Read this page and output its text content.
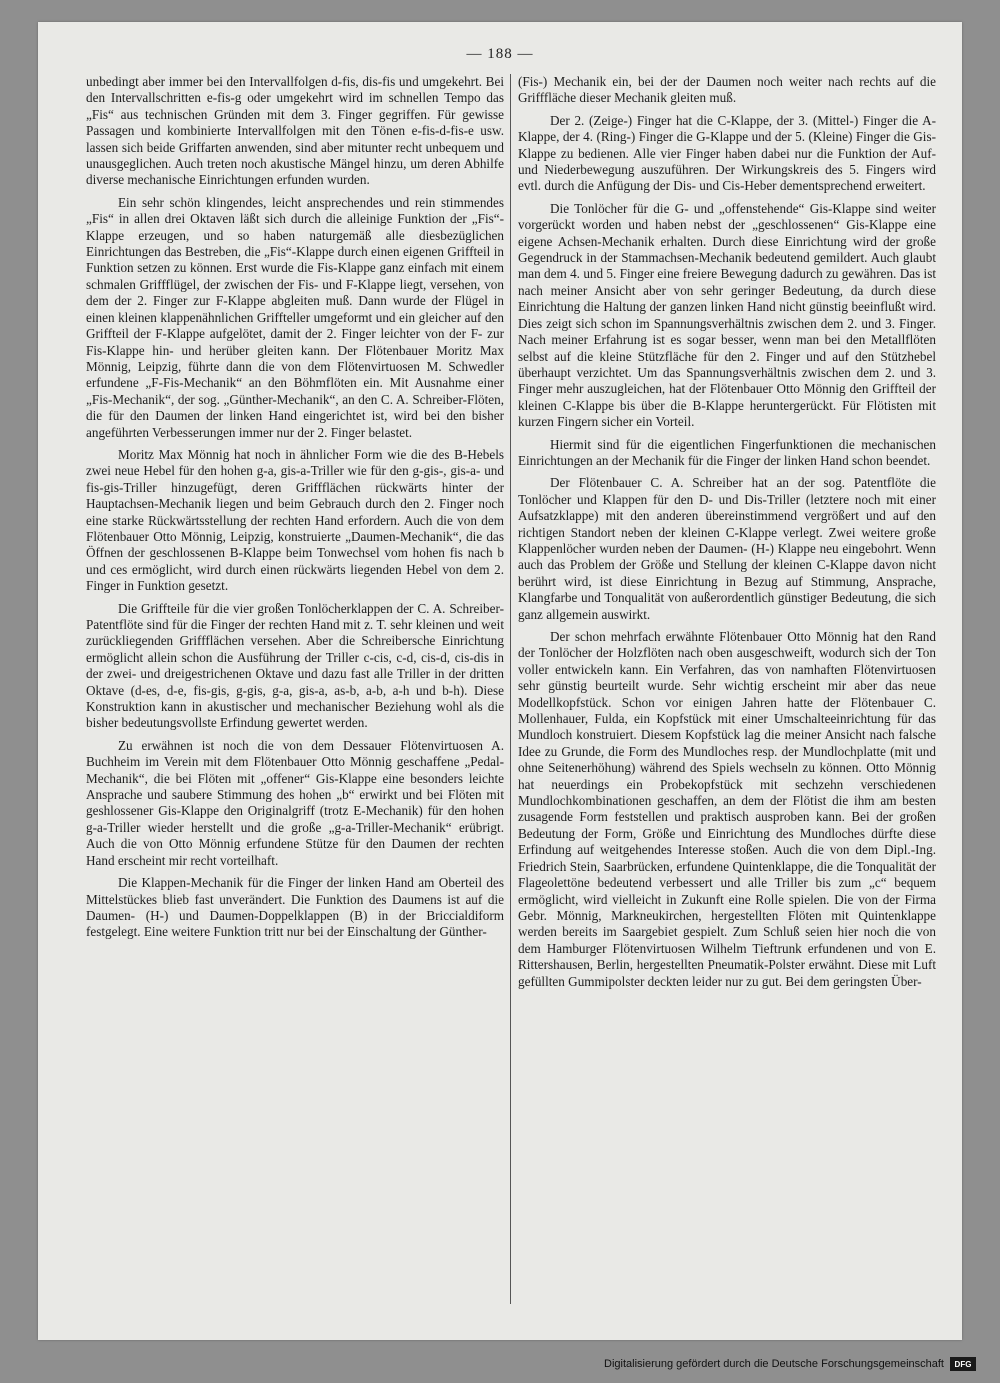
— 188 —

unbedingt aber immer bei den Intervallfolgen d-fis, dis-fis und umgekehrt. Bei den Intervallschritten e-fis-g oder umgekehrt wird im schnellen Tempo das „Fis“ aus technischen Gründen mit dem 3. Finger gegriffen. Für gewisse Passagen und kombinierte Intervallfolgen mit den Tönen e-fis-d-fis-e usw. lassen sich beide Griffarten anwenden, sind aber mitunter recht unbequem und unausgeglichen. Auch treten noch akustische Mängel hinzu, um deren Abhilfe diverse mechanische Einrichtungen erfunden wurden.

Ein sehr schön klingendes, leicht ansprechendes und rein stimmendes „Fis“ in allen drei Oktaven läßt sich durch die alleinige Funktion der „Fis“-Klappe erzeugen, und so haben naturgemäß alle diesbezüglichen Einrichtungen das Bestreben, die „Fis“-Klappe durch einen eigenen Griffteil in Funktion setzen zu können. Erst wurde die Fis-Klappe ganz einfach mit einem schmalen Griffflügel, der zwischen der Fis- und F-Klappe liegt, versehen, von dem der 2. Finger zur F-Klappe abgleiten muß. Dann wurde der Flügel in einen kleinen klappenähnlichen Griffteller umgeformt und ein gleicher auf den Griffteil der F-Klappe aufgelötet, damit der 2. Finger leichter von der F- zur Fis-Klappe hin- und herüber gleiten kann. Der Flötenbauer Moritz Max Mönnig, Leipzig, führte dann die von dem Flötenvirtuosen M. Schwedler erfundene „F-Fis-Mechanik“ an den Böhmflöten ein. Mit Ausnahme einer „Fis-Mechanik“, der sog. „Günther-Mechanik“, an den C. A. Schreiber-Flöten, die für den Daumen der linken Hand eingerichtet ist, wird bei den bisher angeführten Verbesserungen immer nur der 2. Finger belastet.

Moritz Max Mönnig hat noch in ähnlicher Form wie die des B-Hebels zwei neue Hebel für den hohen g-a, gis-a-Triller wie für den g-gis-, gis-a- und fis-gis-Triller hinzugefügt, deren Griffflächen rückwärts hinter der Hauptachsen-Mechanik liegen und beim Gebrauch durch den 2. Finger noch eine starke Rückwärtsstellung der rechten Hand erfordern. Auch die von dem Flötenbauer Otto Mönnig, Leipzig, konstruierte „Daumen-Mechanik“, die das Öffnen der geschlossenen B-Klappe beim Tonwechsel vom hohen fis nach b und ces ermöglicht, wird durch einen rückwärts liegenden Hebel von dem 2. Finger in Funktion gesetzt.

Die Griffteile für die vier großen Tonlöcherklappen der C. A. Schreiber-Patentflöte sind für die Finger der rechten Hand mit z. T. sehr kleinen und weit zurückliegenden Griffflächen versehen. Aber die Schreibersche Einrichtung ermöglicht allein schon die Ausführung der Triller c-cis, c-d, cis-d, cis-dis in der zwei- und dreigestrichenen Oktave und dazu fast alle Triller in der dritten Oktave (d-es, d-e, fis-gis, g-gis, g-a, gis-a, as-b, a-b, a-h und b-h). Diese Konstruktion kann in akustischer und mechanischer Beziehung wohl als die bisher bedeutungsvollste Erfindung gewertet werden.

Zu erwähnen ist noch die von dem Dessauer Flötenvirtuosen A. Buchheim im Verein mit dem Flötenbauer Otto Mönnig geschaffene „Pedal-Mechanik“, die bei Flöten mit „offener“ Gis-Klappe eine besonders leichte Ansprache und saubere Stimmung des hohen „b“ erwirkt und bei Flöten mit geshlossener Gis-Klappe den Originalgriff (trotz E-Mechanik) für den hohen g-a-Triller wieder herstellt und die große „g-a-Triller-Mechanik“ erübrigt. Auch die von Otto Mönnig erfundene Stütze für den Daumen der rechten Hand erscheint mir recht vorteilhaft.

Die Klappen-Mechanik für die Finger der linken Hand am Oberteil des Mittelstückes blieb fast unverändert. Die Funktion des Daumens ist auf die Daumen- (H-) und Daumen-Doppelklappen (B) in der Briccialdiform festgelegt. Eine weitere Funktion tritt nur bei der Einschaltung der Günther-

(Fis-) Mechanik ein, bei der der Daumen noch weiter nach rechts auf die Grifffläche dieser Mechanik gleiten muß.

Der 2. (Zeige-) Finger hat die C-Klappe, der 3. (Mittel-) Finger die A-Klappe, der 4. (Ring-) Finger die G-Klappe und der 5. (Kleine) Finger die Gis-Klappe zu bedienen. Alle vier Finger haben dabei nur die Funktion der Auf- und Niederbewegung auszuführen. Der Wirkungskreis des 5. Fingers wird evtl. durch die Anfügung der Dis- und Cis-Heber dementsprechend erweitert.

Die Tonlöcher für die G- und „offenstehende“ Gis-Klappe sind weiter vorgerückt worden und haben nebst der „geschlossenen“ Gis-Klappe eine eigene Achsen-Mechanik erhalten. Durch diese Einrichtung wird der große Gegendruck in der Stammachsen-Mechanik bedeutend gemildert. Auch glaubt man dem 4. und 5. Finger eine freiere Bewegung dadurch zu gewähren. Das ist nach meiner Ansicht aber von sehr geringer Bedeutung, da durch diese Einrichtung die Haltung der ganzen linken Hand nicht günstig beeinflußt wird. Dies zeigt sich schon im Spannungsverhältnis zwischen dem 2. und 3. Finger. Nach meiner Erfahrung ist es sogar besser, wenn man bei den Metallflöten selbst auf die kleine Stützfläche für den 2. Finger und auf den Stützhebel überhaupt verzichtet. Um das Spannungsverhältnis zwischen dem 2. und 3. Finger mehr auszugleichen, hat der Flötenbauer Otto Mönnig den Griffteil der kleinen C-Klappe bis über die B-Klappe heruntergerückt. Für Flötisten mit kurzen Fingern sicher ein Vorteil.

Hiermit sind für die eigentlichen Fingerfunktionen die mechanischen Einrichtungen an der Mechanik für die Finger der linken Hand schon beendet.

Der Flötenbauer C. A. Schreiber hat an der sog. Patentflöte die Tonlöcher und Klappen für den D- und Dis-Triller (letztere noch mit einer Aufsatzklappe) mit den anderen übereinstimmend vergrößert und auf den richtigen Standort neben der kleinen C-Klappe verlegt. Zwei weitere große Klappenlöcher wurden neben der Daumen- (H-) Klappe neu eingebohrt. Wenn auch das Problem der Größe und Stellung der kleinen C-Klappe davon nicht berührt wird, ist diese Einrichtung in Bezug auf Stimmung, Ansprache, Klangfarbe und Tonqualität von außerordentlich günstiger Bedeutung, die sich ganz allgemein auswirkt.

Der schon mehrfach erwähnte Flötenbauer Otto Mönnig hat den Rand der Tonlöcher der Holzflöten nach oben ausgeschweift, wodurch sich der Ton voller entwickeln kann. Ein Verfahren, das von namhaften Flötenvirtuosen sehr günstig beurteilt wurde. Sehr wichtig erscheint mir aber das neue Modellkopfstück. Schon vor einigen Jahren hatte der Flötenbauer C. Mollenhauer, Fulda, ein Kopfstück mit einer Umschalteeinrichtung für das Mundloch konstruiert. Diesem Kopfstück lag die meiner Ansicht nach falsche Idee zu Grunde, die Form des Mundloches resp. der Mundlochplatte (mit und ohne Seitenerhöhung) während des Spiels wechseln zu können. Otto Mönnig hat neuerdings ein Probekopfstück mit sechzehn verschiedenen Mundlochkombinationen geschaffen, an dem der Flötist die ihm am besten zusagende Form feststellen und praktisch ausproben kann. Bei der großen Bedeutung der Form, Größe und Einrichtung des Mundloches dürfte diese Erfindung auf weitgehendes Interesse stoßen. Auch die von dem Dipl.-Ing. Friedrich Stein, Saarbrücken, erfundene Quintenklappe, die die Tonqualität der Flageolettöne bedeutend verbessert und alle Triller bis zum „c“ bequem ermöglicht, wird vielleicht in Zukunft eine Rolle spielen. Die von der Firma Gebr. Mönnig, Markneukirchen, hergestellten Flöten mit Quintenklappe werden bereits im Saargebiet gespielt. Zum Schluß seien hier noch die von dem Hamburger Flötenvirtuosen Wilhelm Tieftrunk erfundenen und von E. Rittershausen, Berlin, hergestellten Pneumatik-Polster erwähnt. Diese mit Luft gefüllten Gummipolster deckten leider nur zu gut. Bei dem geringsten Über-

Digitalisierung gefördert durch die Deutsche Forschungsgemeinschaft	DFG
